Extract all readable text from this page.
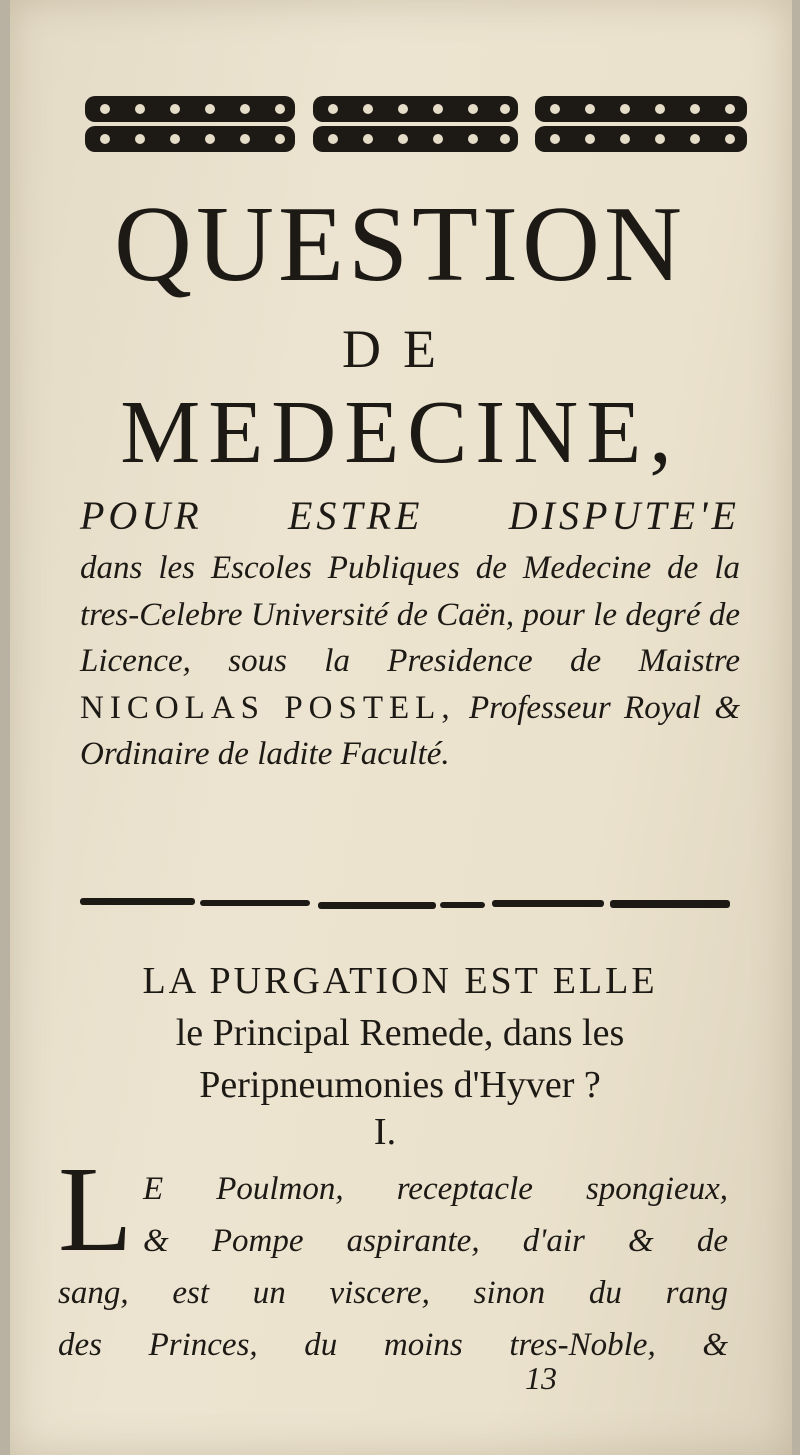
QUESTION
DE
MEDECINE,
POUR ESTRE DISPUTE'E
dans les Escoles Publiques de Medecine de la tres-Celebre Université de Caën, pour le degré de Licence, sous la Presidence de Maistre NICOLAS POSTEL, Professeur Royal & Ordinaire de ladite Faculté.
LA PURGATION EST ELLE
le Principal Remede, dans les
Peripneumonies d'Hyver ?
I.
L E Poulmon, receptacle spongieux,
& Pompe aspirante, d'air & de
sang, est un viscere, sinon du rang
des Princes, du moins tres-Noble, &
13
